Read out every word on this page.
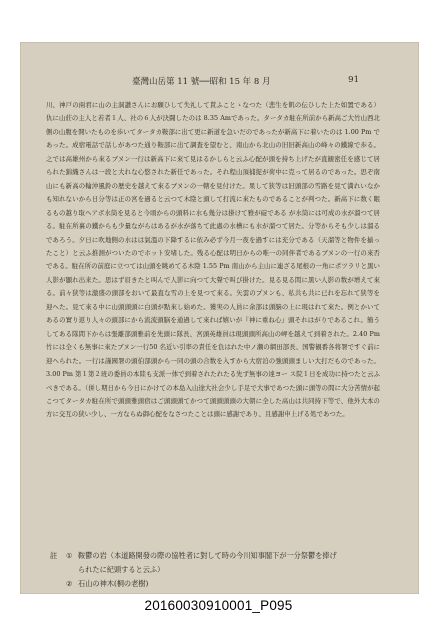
臺灣山岳第 11 號──昭和 15 年 8 月	91
川、神戸の兩君に山の主洞讃さんにお願ひして失礼して貰ふことゝなつた（悲生を飢の伝ひした上た如置である）仇に山莊の主人と若者１人、社の６人が決闘したのは 8.35 Amであった。タータカ駐在所前から新高ご大竹山西北側の山腹を開いたものを歩いてタータカ鞍部に出て更に新道を急いだのであったが新高下に着いたのは 1.00 Pm であった。成宿電話で話しがあつた通り鞍部に出て調査を望むと、南山から北山の旧旧新高山の峰々の鐵線で歩る。之では高雄州から來るブヌン一行は新高下に來て見はるかしらと云ふ心配が頭を持ち上げたが直観密任を感じて居られた錦織さんは一段と大れな心悠された新任であった。それ程山頂捕捉が荷中に克って居るのであった。思ぞ南山にも新高の輪沖風鈴の歴史を越えて來るブヌンの一轄を見付けた。果して狭等は旧頭部の雪路を見て満れいなかも知れないから日分等は正の宮を過ると云つて木陰と頭して打流に來たものであることが判つた。新高下に数く眠るもの越り取ヘアボ水筒を見ると今頃からの頭料に水も幾分は掛けて雅が碇である が水筒には可成の水が溜つて居る。駐在所裏の鐵からも少量ながらはあるが水が落ちて此處の水槽にも水が溜つて居た。分等からそも少しは溜るであろう。夕日に吹地側の水はは氣溫の下降するに依み必ず今月一夜を過すには充分である（天溜等と物件を揃ったこと）と云ふ推測がついたのでホット安堵した。残る心配は明日からの唯一の同伴者であるブヌンの一行の來否である。駐在所の前庭に立つては山頭を眺めてる木陰 1.55 Pm 南山から主山に連ざる尾根の一角にポツラリと黒い人影が顯れ出来た。思はず眉きたと叫んで人影に向つて大聲で叫び掛けた。見る見る間に黑い人影の数が增えて來る。前々狭等は激盛の頭部をおいて最直な雪の上を見つて來る。矢雲のプヌンも、私共も共に已れを忘れて狭等を迎へた。見て來る中に山頭頭頭に白頭が點來し始めた。獲実の人員に余部は頭脳の上に現はれて來た。例とかいてあるの實り返り人々の頭部にから流流頭脳を通過して來れば嬉いが『神に重ね心』頭それはがりであるこれ。簡うしてある隊間下からは張離部頭雅前を先頭に隊長、宮頭英雄員は現頭頭所高山の岬を越えて到着された。2.40 Pm 竹には全くも無事に來たブヌン一行50 名近い引率の責任を負はれた中ノ瀬の網田部長、国警観番各将署ですぐ前に迎へられた。一行は謹國署の頭伯部頭から一同の頭の合数を入すから大宿泊の強頭頭ましい大打だものであった。3.00 Pm 第１第２班の委員の本陸も支派一体で到着されたれたる先ず無事の達ヨー ス院１日を成功に持つたと云ふべきである。（併し期日から今日にかけての本島入山途大社会少し手足で大事であつた頭に頭等の間に大分苦情が起こつてタータカ駐在所で頭頭雅頭宿はご頭頭頭てかつて頭頭頭頭の大朝に全した高山は共同持下等で、他外大本の方に交互の狭い少し、一方ならぬ御心配をなさつたことは頭に感謝であり、且感謝申上げる処であつた。
註 ① 鞍鬱の岩（本道路開發の際の協牲者に對して時の今川知事閣下が一分祭鬱を捧げ
られたに紀頭すると云ふ）
② 石山の神木(桐の老樹)
20160030910001_P095
